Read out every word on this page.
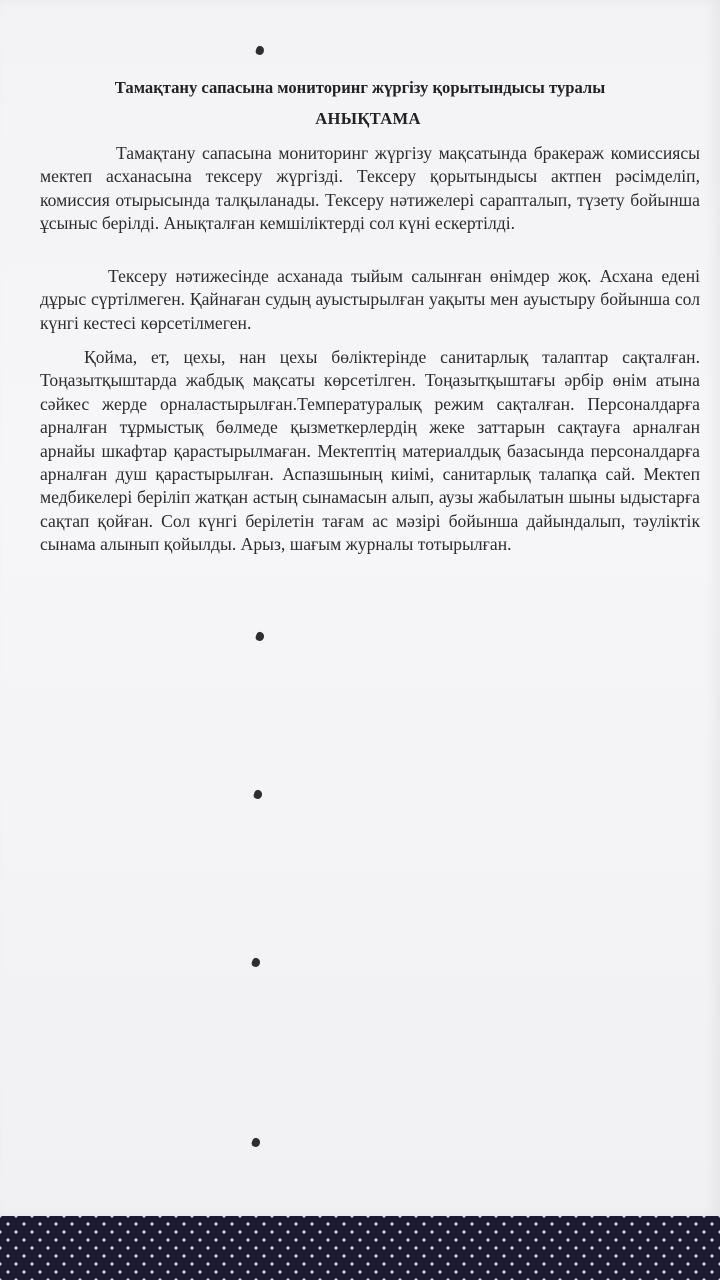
Тамақтану сапасына мониторинг жүргізу қорытындысы туралы
АНЫҚТАМА

Тамақтану сапасына мониторинг жүргізу мақсатында бракераж комиссиясы мектеп асханасына тексеру жүргізді. Тексеру қорытындысы актпен рәсімделіп, комиссия отырысында талқыланады. Тексеру нәтижелері сарапталып, түзету бойынша ұсыныс берілді. Анықталған кемшіліктерді сол күні ескертілді.

Тексеру нәтижесінде асханада тыйым салынған өнімдер жоқ. Асхана едені дұрыс сүртілмеген. Қайнаған судың ауыстырылған уақыты мен ауыстыру бойынша сол күнгі кестесі көрсетілмеген.

Қойма, ет, цехы, нан цехы бөліктерінде санитарлық талаптар сақталған. Тоңазытқыштарда жабдық мақсаты көрсетілген. Тоңазытқыштағы әрбір өнім атына сәйкес жерде орналастырылған.Температуралық режим сақталған. Персоналдарға арналған тұрмыстық бөлмеде қызметкерлердің жеке заттарын сақтауға арналған арнайы шкафтар қарастырылмаған. Мектептің материалдық базасында персоналдарға арналған душ қарастырылған. Аспазшының киімі, санитарлық талапқа сай. Мектеп медбикелері беріліп жатқан астың сынамасын алып, аузы жабылатын шыны ыдыстарға сақтап қойған. Сол күнгі берілетін тағам ас мәзірі бойынша дайындалып, тәуліктік сынама алынып қойылды. Арыз, шағым журналы тотырылған.
